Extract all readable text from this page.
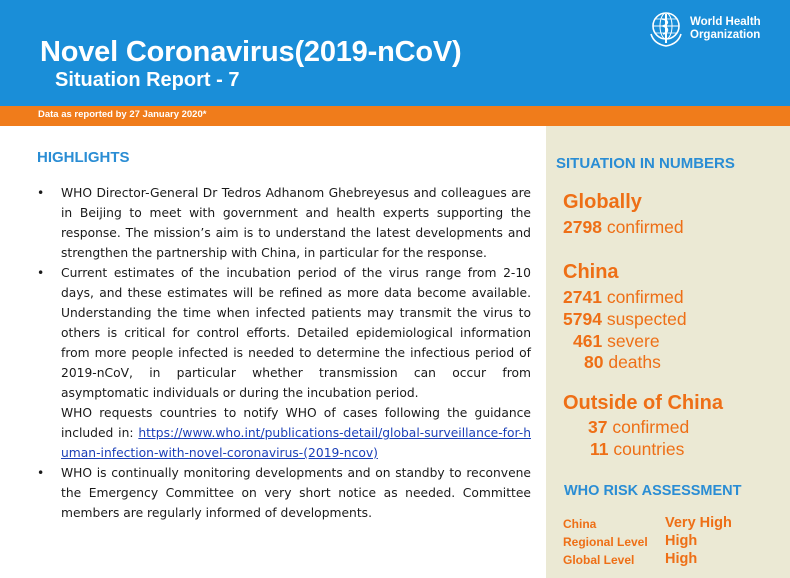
Novel Coronavirus(2019-nCoV)
Situation Report - 7
World Health
Organization
Data as reported by 27 January 2020*
HIGHLIGHTS

• WHO Director-General Dr Tedros Adhanom Ghebreyesus and colleagues are in Beijing to meet with government and health experts supporting the response. The mission’s aim is to understand the latest developments and strengthen the partnership with China, in particular for the response.

• Current estimates of the incubation period of the virus range from 2-10 days, and these estimates will be refined as more data become available. Understanding the time when infected patients may transmit the virus to others is critical for control efforts. Detailed epidemiological information from more people infected is needed to determine the infectious period of 2019-nCoV, in particular whether transmission can occur from asymptomatic individuals or during the incubation period.

WHO requests countries to notify WHO of cases following the guidance included in: https://www.who.int/publications-detail/global-surveillance-for-human-infection-with-novel-coronavirus-(2019-ncov)

• WHO is continually monitoring developments and on standby to reconvene the Emergency Committee on very short notice as needed. Committee members are regularly informed of developments.

SITUATION IN NUMBERS
Globally
2798 confirmed
China
2741 confirmed
5794 suspected
461 severe
80 deaths
Outside of China
37 confirmed
11 countries
WHO RISK ASSESSMENT
China	Very High
Regional Level High
Global Level High
